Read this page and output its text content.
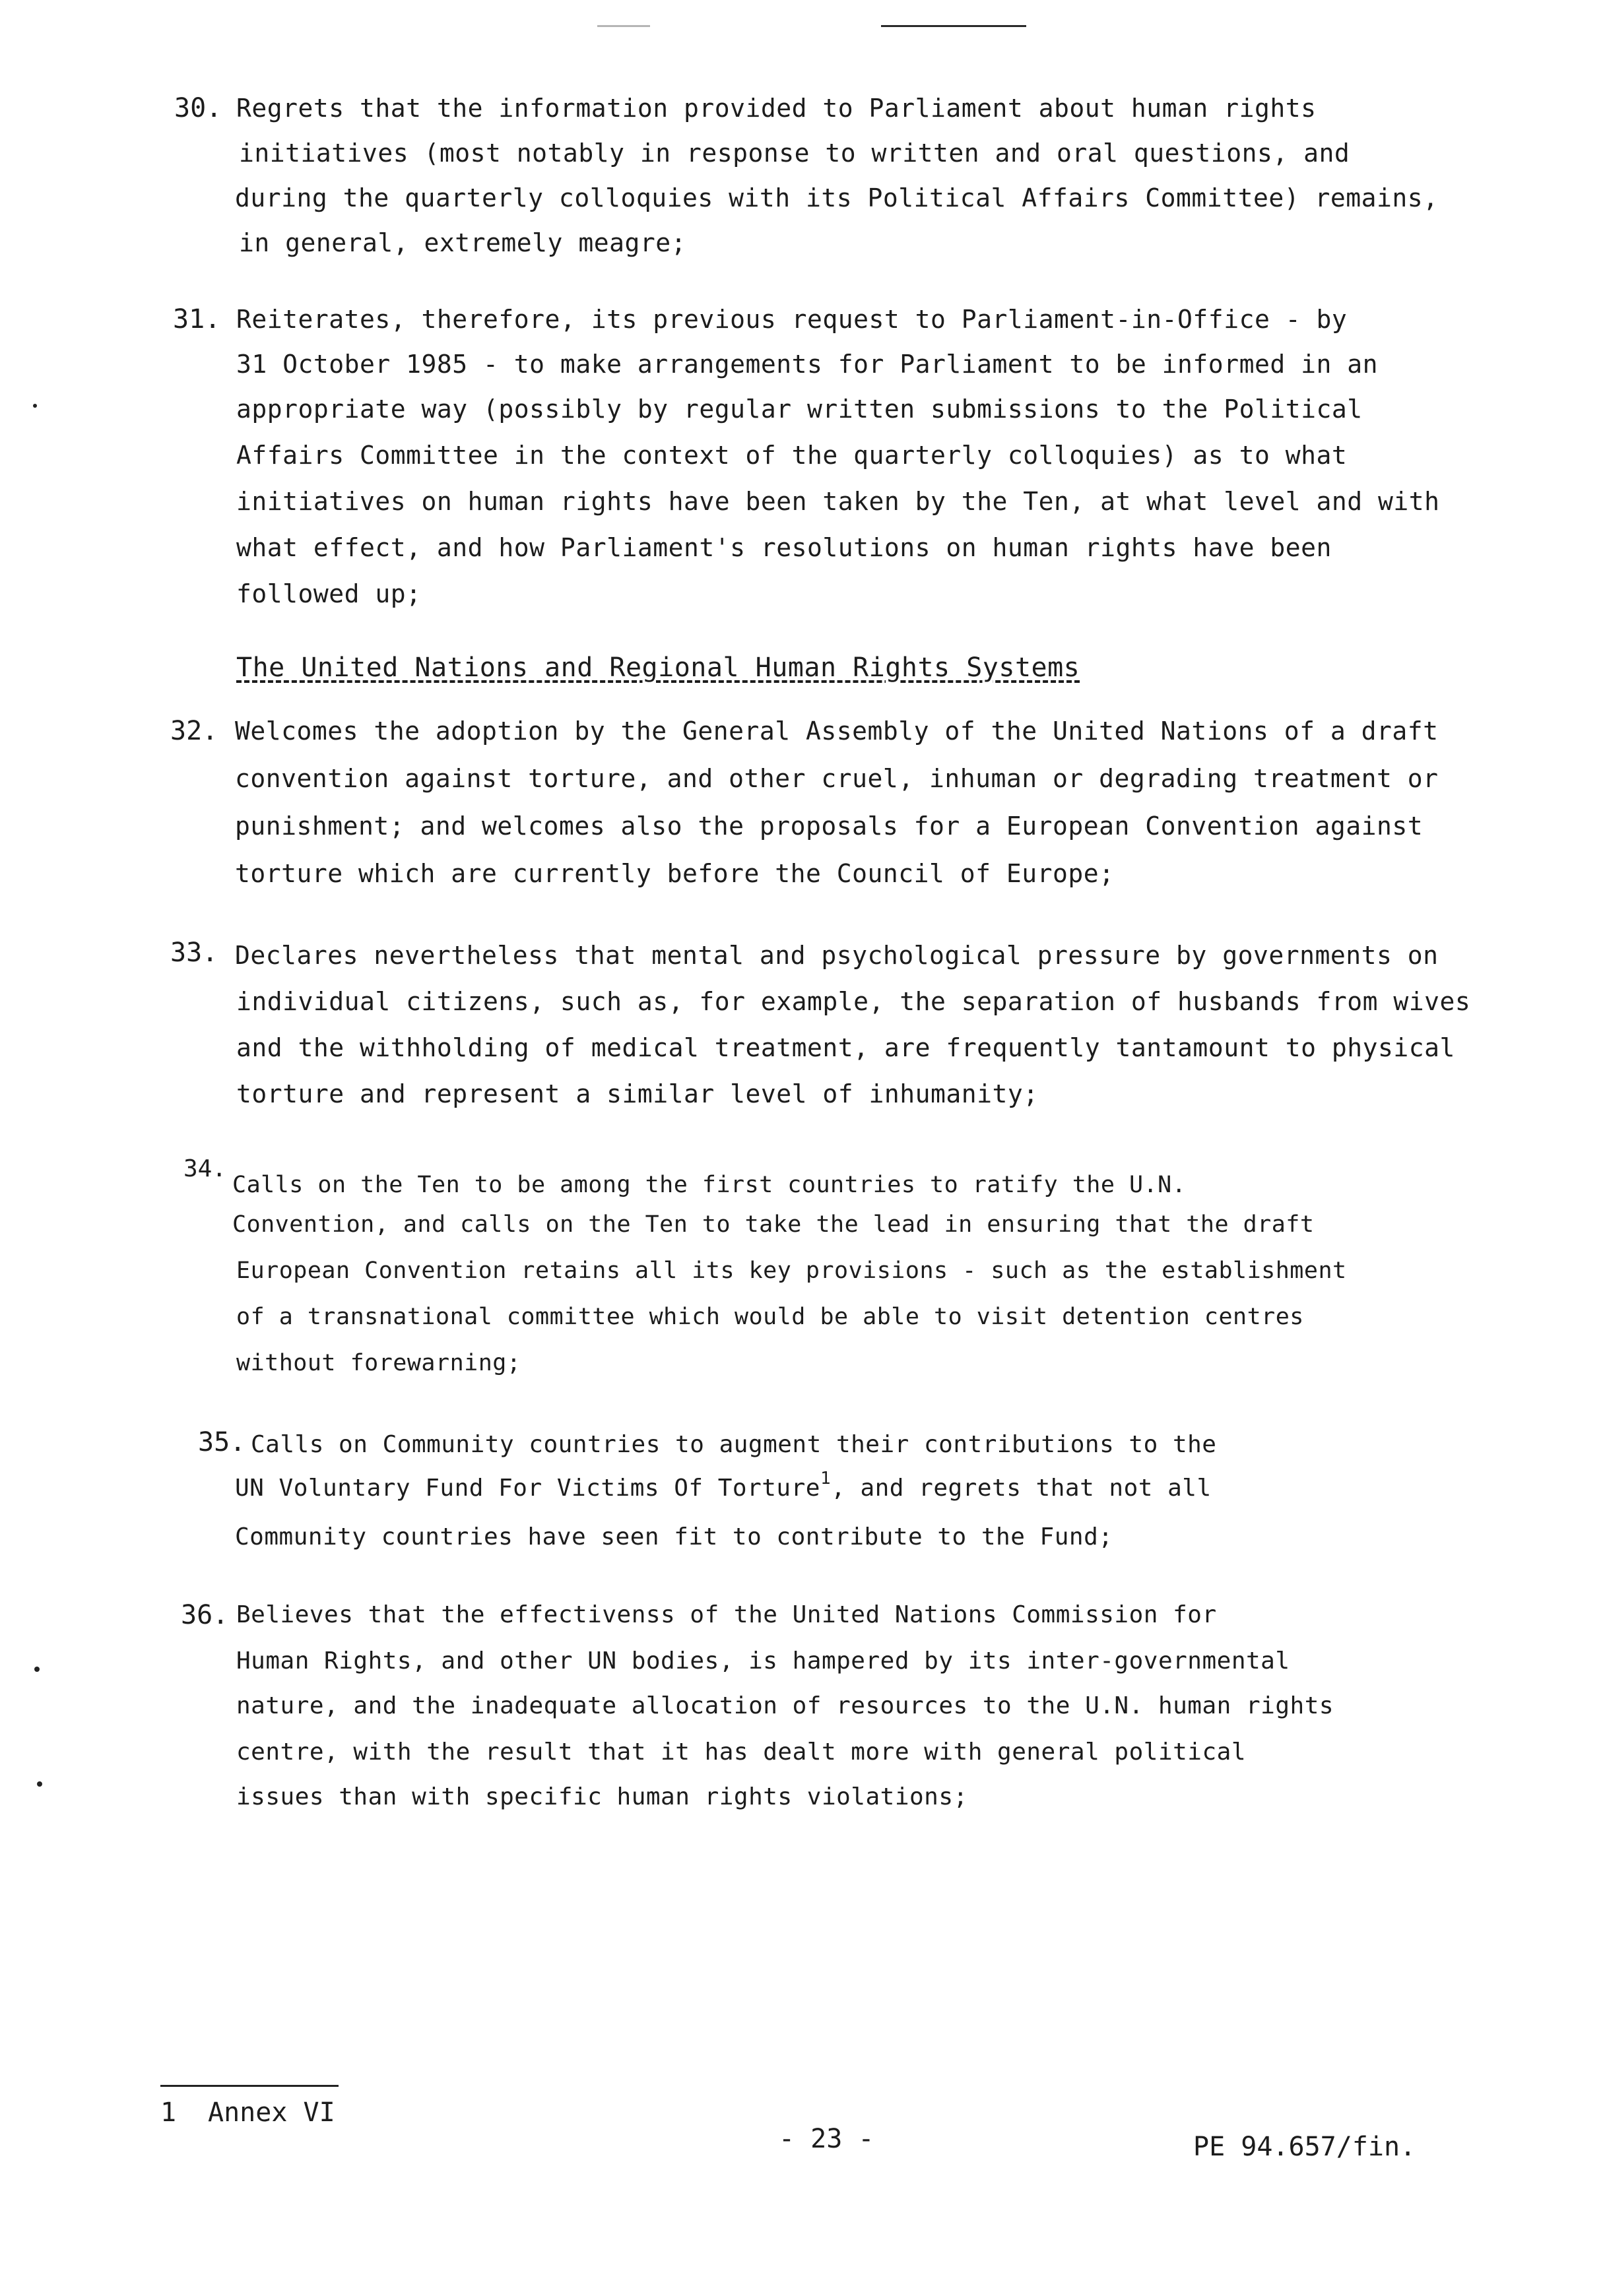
30. Regrets that the information provided to Parliament about human rights
initiatives (most notably in response to written and oral questions, and
during the quarterly colloquies with its Political Affairs Committee) remains,
in general, extremely meagre;
31. Reiterates, therefore, its previous request to Parliament-in-Office - by
31 October 1985 - to make arrangements for Parliament to be informed in an
appropriate way (possibly by regular written submissions to the Political
Affairs Committee in the context of the quarterly colloquies) as to what
initiatives on human rights have been taken by the Ten, at what level and with
what effect, and how Parliament's resolutions on human rights have been
followed up;
The United Nations and Regional Human Rights Systems
32. Welcomes the adoption by the General Assembly of the United Nations of a draft
convention against torture, and other cruel, inhuman or degrading treatment or
punishment; and welcomes also the proposals for a European Convention against
torture which are currently before the Council of Europe;
33. Declares nevertheless that mental and psychological pressure by governments on
individual citizens, such as, for example, the separation of husbands from wives
and the withholding of medical treatment, are frequently tantamount to physical
torture and represent a similar level of inhumanity;
34.
Calls on the Ten to be among the first countries to ratify the U.N.
Convention, and calls on the Ten to take the lead in ensuring that the draft
European Convention retains all its key provisions - such as the establishment
of a transnational committee which would be able to visit detention centres
without forewarning;
35. Calls on Community countries to augment their contributions to the
UN Voluntary Fund For Victims Of Torture$^1$, and regrets that not all
Community countries have seen fit to contribute to the Fund;
36. Believes that the effectivenss of the United Nations Commission for
Human Rights, and other UN bodies, is hampered by its inter-governmental
nature, and the inadequate allocation of resources to the U.N. human rights
centre, with the result that it has dealt more with general political
issues than with specific human rights violations;
1 Annex VI
- 23 -	PE 94.657/fin.
